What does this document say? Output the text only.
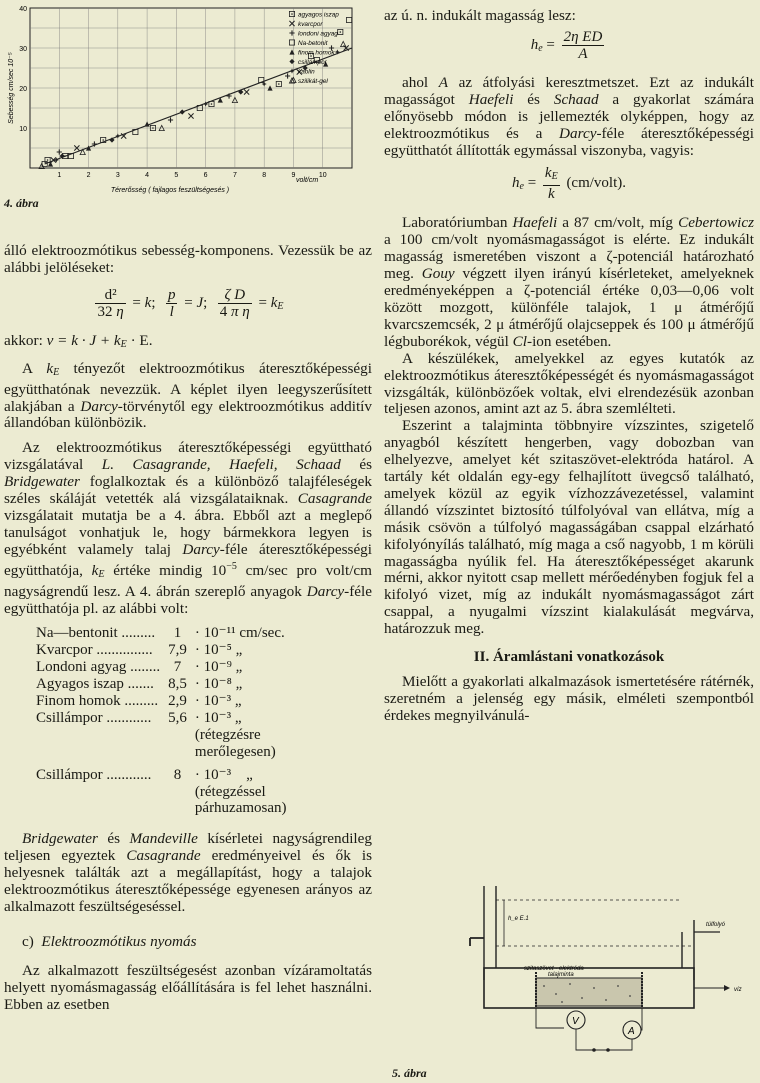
1	2	3	4	5	6	7	8	9	10
10
20
30
40
agyagos iszap
kvarcpor
londoni agyag
Na-betonit
finom homok
csillámpor
kaolin
szilikát-gel
Térerősség ( fajlagos feszültségesés )
volt/cm
Sebesség cm/sec 10⁻⁵
4. ábra

álló elektroozmótikus sebesség-komponens. Vezessük be az alábbi jelöléseket:

$\frac{\text{d²}}{32 \eta} = k$; $\frac{p}{l} = J$; $\frac{\text{ζ D}}{\text{4 π η}} = k_E$

akkor: $v = k \cdot J + k_E \cdot E$.

A $k_E$ tényezőt elektroozmótikus áteresztőképességi együtthatónak nevezzük. A képlet ilyen leegyszerűsített alakjában a Darcy-törvénytől egy elektroozmótikus additív állandóban különbözik.

Az elektroozmótikus áteresztőképességi együttható vizsgálatával L. Casagrande, Haefeli, Schaad és Bridgewater foglalkoztak és a különböző talajféleségek széles skáláját vetették alá vizsgálataiknak. Casagrande vizsgálatait mutatja be a 4. ábra. Ebből azt a meglepő tanulságot vonhatjuk le, hogy bármekkora legyen is egyébként valamely talaj Darcy-féle áteresztőképességi együtthatója, $k_E$ értéke mindig $10^{-5}$ cm/sec pro volt/cm nagyságrendű lesz. A 4. ábrán szereplő anyagok Darcy-féle együtthatója pl. az alábbi volt:

Na—bentonit .........	1	· 10⁻¹¹ cm/sec.
Kvarcpor ...............	7,9	· 10⁻⁵ „
Londoni agyag ........	7	· 10⁻⁹ „
Agyagos iszap .......	8,5	· 10⁻⁸ „
Finom homok .........	2,9	· 10⁻³ „
Csillámpor ............	5,6	· 10⁻³ „
		(rétegzésre
		merőlegesen)

Csillámpor ............	8	· 10⁻³ „
		(rétegzéssel
		párhuzamosan)

Bridgewater és Mandeville kísérletei nagyságrendileg teljesen egyeztek Casagrande eredményeivel és ők is helyesnek találták azt a megállapítást, hogy a talajok elektroozmótikus áteresztőképessége egyenesen arányos az alkalmazott feszültségeséssel.

c) Elektroozmótikus nyomás

Az alkalmazott feszültségesést azonban vízáramoltatás helyett nyomásmagasság előállítására is fel lehet használni. Ebben az esetben

az ú. n. indukált magasság lesz:

$h_e = \frac{\text{2η ED}}{A}$

ahol A az átfolyási keresztmetszet. Ezt az indukált magasságot Haefeli és Schaad a gyakorlat számára előnyösebb módon is jellemezték olyképpen, hogy az elektroozmótikus és a Darcy-féle áteresztőképességi együtthatót állították egymással viszonyba, vagyis:

$h_e = \frac{k_E}{k}$ (cm/volt).

Laboratóriumban Haefeli a 87 cm/volt, míg Cebertowicz a 100 cm/volt nyomásmagasságot is elérte. Ez indukált magasság ismeretében viszont a ζ-potenciál határozható meg. Gouy végzett ilyen irányú kísérleteket, amelyeknek eredményeképpen a ζ-potenciál értéke 0,03—0,06 volt között mozgott, különféle talajok, 1 μ átmérőjű kvarcszemcsék, 2 μ átmérőjű olajcseppek és 100 μ átmérőjű légbuborékok, végül Cl-ion esetében.

A készülékek, amelyekkel az egyes kutatók az elektroozmótikus áteresztőképességét és nyomásmagasságot vizsgálták, különbözőek voltak, elvi elrendezésük azonban teljesen azonos, amint azt az 5. ábra szemlélteti.

Eszerint a talajminta többnyire vízszintes, szigetelő anyagból készített hengerben, vagy dobozban van elhelyezve, amelyet két szitaszövet-elektróda határol. A tartály két oldalán egy-egy felhajlított üvegcső található, amelyek közül az egyik vízhozzávezetéssel, valamint állandó vízszintet biztosító túlfolyóval van ellátva, míg a másik csövön a túlfolyó magasságában csappal elzárható kifolyónyílás található, míg maga a cső nagyobb, 1 m körüli magasságba nyúlik fel. Ha áteresztőképességet akarunk mérni, akkor nyitott csap mellett mérőedényben fogjuk fel a kifolyó vizet, míg az indukált nyomásmagasságot zárt csappal, a nyugalmi vízszint kialakulását megvárva, határozzuk meg.

II. Áramlástani vonatkozások

Mielőtt a gyakorlati alkalmazások ismertetésére rátérnék, szeretném a jelenség egy másik, elméleti szempontból érdekes megnyilvánulá-

V
A
h_e E.1
szitaszövet - elektróda
talajminta
túlfolyó
víz
5. ábra
